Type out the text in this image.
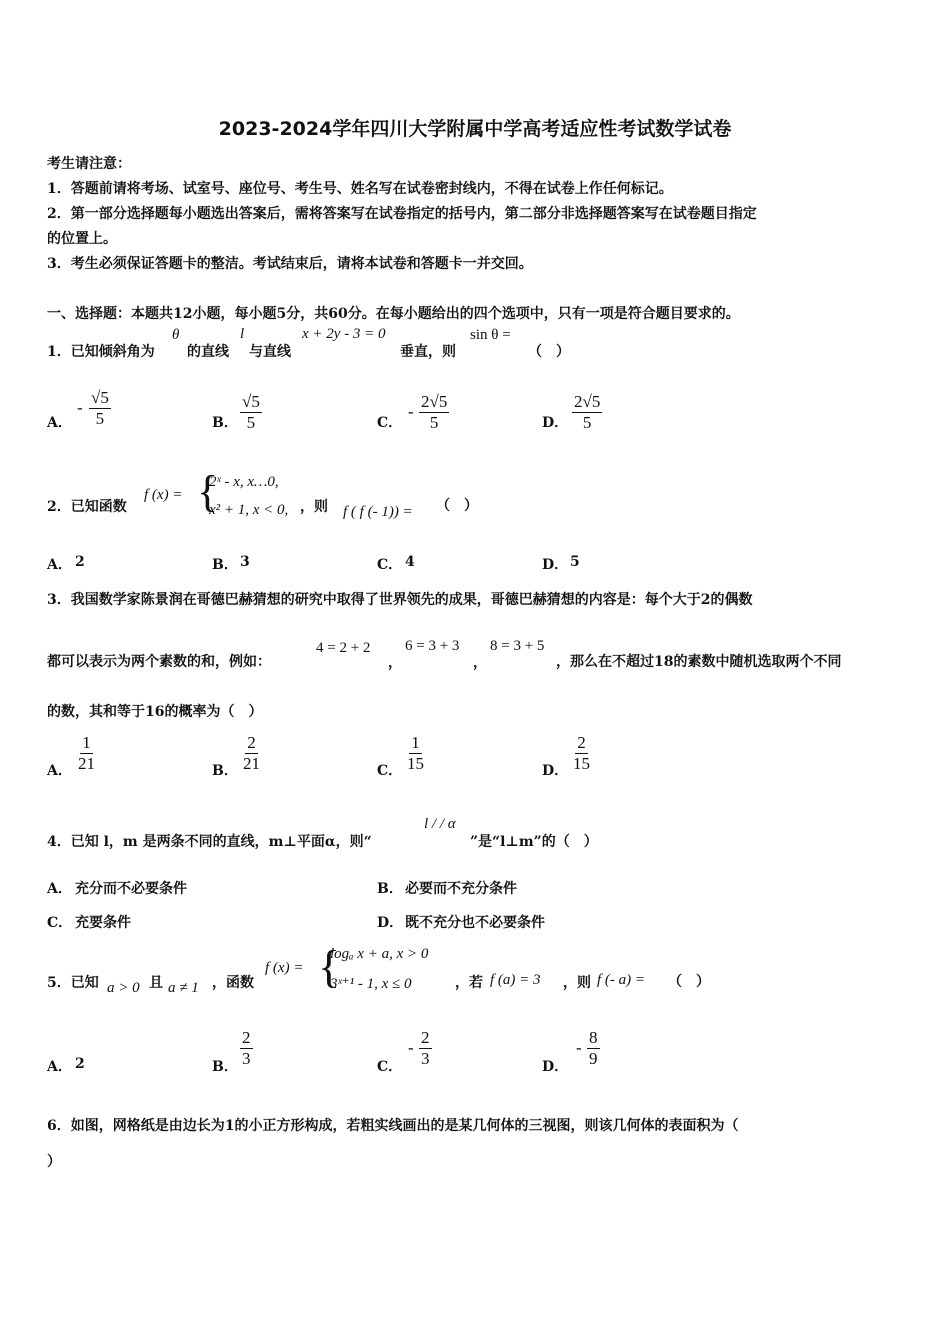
2023-2024学年四川大学附属中学高考适应性考试数学试卷
考生请注意：
1．答题前请将考场、试室号、座位号、考生号、姓名写在试卷密封线内，不得在试卷上作任何标记。
2．第一部分选择题每小题选出答案后，需将答案写在试卷指定的括号内，第二部分非选择题答案写在试卷题目指定
的位置上。
3．考生必须保证答题卡的整洁。考试结束后，请将本试卷和答题卡一并交回。
一、选择题：本题共12小题，每小题5分，共60分。在每小题给出的四个选项中，只有一项是符合题目要求的。
1．已知倾斜角为
θ
的直线
l
与直线
x + 2y - 3 = 0
垂直，则
sin θ =
（　）
A．
- $\frac{√5}{5}$	B． $\frac{√5}{5}$	C．
- $\frac{2√5}{5}$	D． $\frac{2√5}{5}$
2．已知函数
f (x) = {
2ˣ - x, x…0,
x² + 1, x < 0, ，则 f ( f (- 1)) = （　）
A． 2	B． 3	C． 4	D． 5
3．我国数学家陈景润在哥德巴赫猜想的研究中取得了世界领先的成果，哥德巴赫猜想的内容是：每个大于2的偶数
都可以表示为两个素数的和，例如：
4 = 2 + 2
，
6 = 3 + 3
，
8 = 3 + 5
，那么在不超过18的素数中随机选取两个不同
的数，其和等于16的概率为（　）
A． $\frac{1}{21}$	B． $\frac{2}{21}$	C． $\frac{1}{15}$	D． $\frac{2}{15}$
4．已知 l，m 是两条不同的直线，m⊥平面α，则“
l / / α
”是“l⊥m”的（　）
A． 充分而不必要条件	B． 必要而不充分条件
C． 充要条件	D． 既不充分也不必要条件
5．已知 a > 0 且 a ≠ 1 ，函数
f (x) = {
logₐ x + a, x > 0
3ˣ⁺¹ - 1, x ≤ 0	，若 f (a) = 3 ，则 f (- a) = （　）
A． 2	B． $\frac{2}{3}$	C．
- $\frac{2}{3}$	D．
- $\frac{8}{9}$
6．如图，网格纸是由边长为1的小正方形构成，若粗实线画出的是某几何体的三视图，则该几何体的表面积为（
）
